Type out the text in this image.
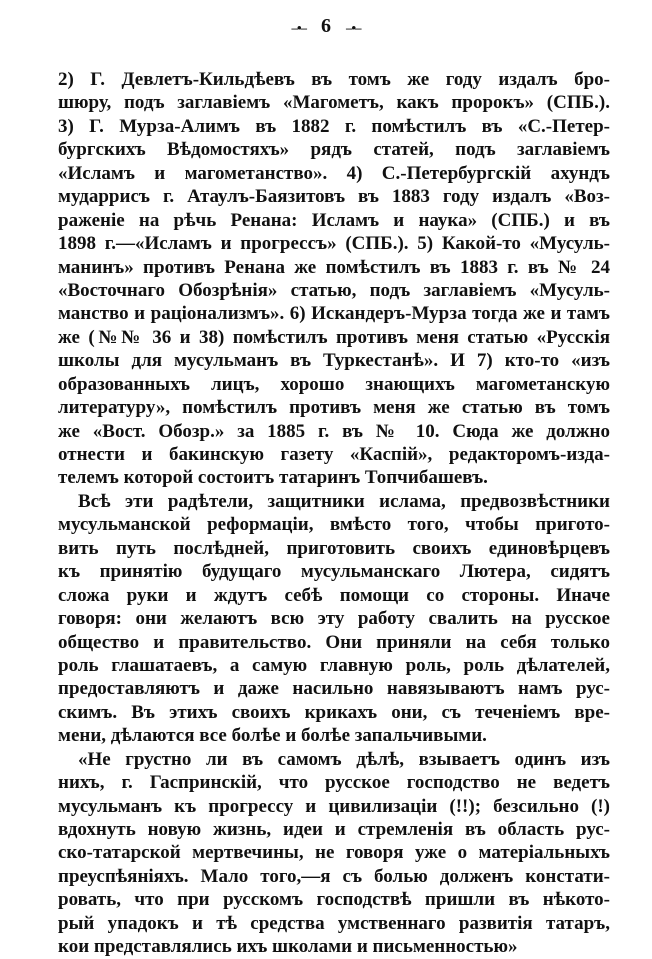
–•– 6 –•–
2) Г. Девлетъ-Кильдѣевъ въ томъ же году издалъ бро-
шюру, подъ заглавіемъ «Магометъ, какъ пророкъ» (СПБ.).
3) Г. Мурза-Алимъ въ 1882 г. помѣстилъ въ «С.-Петер-
бургскихъ Вѣдомостяхъ» рядъ статей, подъ заглавіемъ
«Исламъ и магометанство». 4) С.-Петербургскій ахундъ
мударрисъ г. Атаулъ-Баязитовъ въ 1883 году издалъ «Воз-
раженіе на рѣчь Ренана: Исламъ и наука» (СПБ.) и въ
1898 г.—«Исламъ и прогрессъ» (СПБ.). 5) Какой-то «Мусуль-
манинъ» противъ Ренана же помѣстилъ въ 1883 г. въ № 24
«Восточнаго Обозрѣнія» статью, подъ заглавіемъ «Мусуль-
манство и раціонализмъ». 6) Искандеръ-Мурза тогда же и тамъ
же (№№ 36 и 38) помѣстилъ противъ меня статью «Русскія
школы для мусульманъ въ Туркестанѣ». И 7) кто-то «изъ
образованныхъ лицъ, хорошо знающихъ магометанскую
литературу», помѣстилъ противъ меня же статью въ томъ
же «Вост. Обозр.» за 1885 г. въ № 10. Сюда же должно
отнести и бакинскую газету «Каспій», редакторомъ-изда-
телемъ которой состоитъ татаринъ Топчибашевъ.
Всѣ эти радѣтели, защитники ислама, предвозвѣстники
мусульманской реформаціи, вмѣсто того, чтобы пригото-
вить путь послѣдней, приготовить своихъ единовѣрцевъ
къ принятію будущаго мусульманскаго Лютера, сидятъ
сложа руки и ждутъ себѣ помощи со стороны. Иначе
говоря: они желаютъ всю эту работу свалить на русское
общество и правительство. Они приняли на себя только
роль глашатаевъ, а самую главную роль, роль дѣлателей,
предоставляютъ и даже насильно навязываютъ намъ рус-
скимъ. Въ этихъ своихъ крикахъ они, съ теченіемъ вре-
мени, дѣлаются все болѣе и болѣе запальчивыми.
«Не грустно ли въ самомъ дѣлѣ, взываетъ одинъ изъ
нихъ, г. Гаспринскій, что русское господство не ведетъ
мусульманъ къ прогрессу и цивилизаціи (!!); безсильно (!)
вдохнуть новую жизнь, идеи и стремленія въ область рус-
ско-татарской мертвечины, не говоря уже о матеріальныхъ
преуспѣяніяхъ. Мало того,—я съ болью долженъ констати-
ровать, что при русскомъ господствѣ пришли въ нѣкото-
рый упадокъ и тѣ средства умственнаго развитія татаръ,
кои представлялись ихъ школами и письменностью»
